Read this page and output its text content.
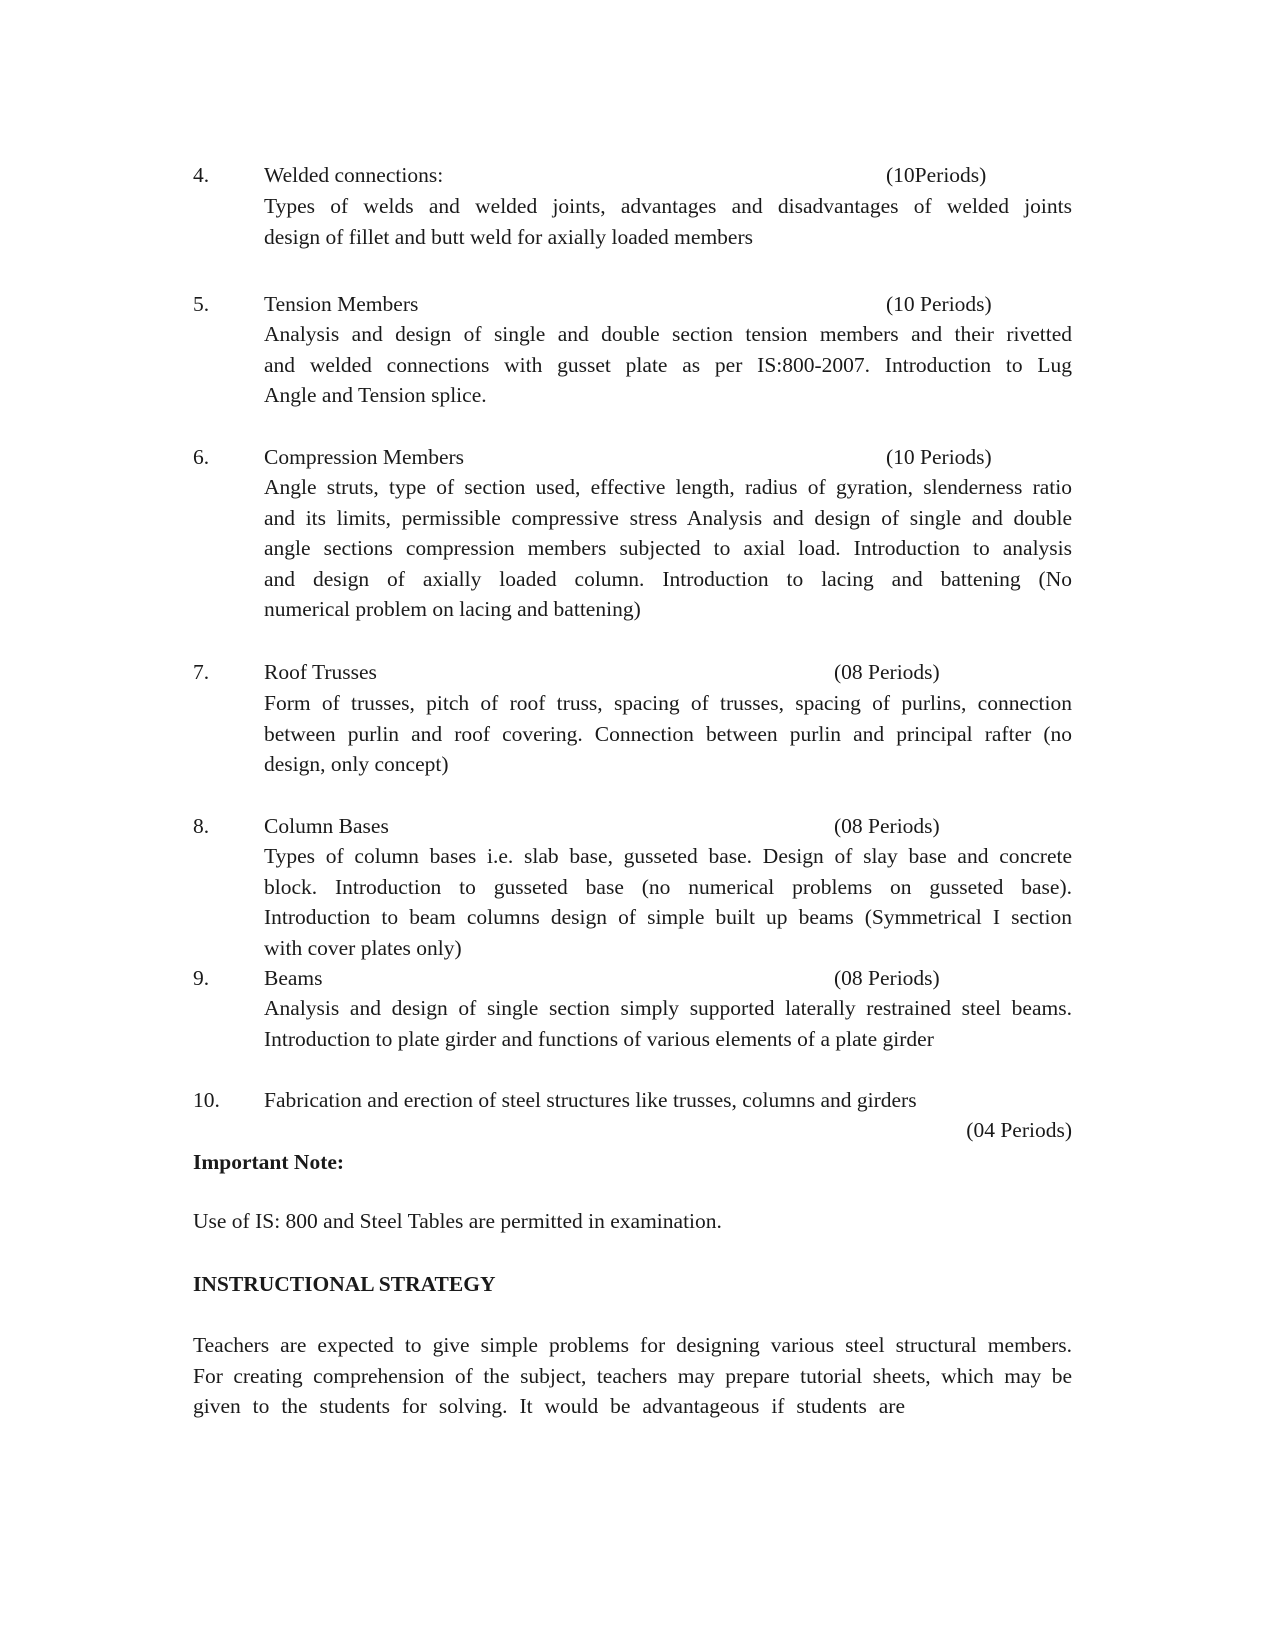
4.	Welded connections:	(10Periods)
Types of welds and welded joints, advantages and disadvantages of welded joints
design of fillet and butt weld for axially loaded members
5.	Tension Members	(10 Periods)
Analysis and design of single and double section tension members and their rivetted
and welded connections with gusset plate as per IS:800-2007. Introduction to Lug
Angle and Tension splice.
6.	Compression Members	(10 Periods)
Angle struts, type of section used, effective length, radius of gyration, slenderness ratio
and its limits, permissible compressive stress Analysis and design of single and double
angle sections compression members subjected to axial load. Introduction to analysis
and design of axially loaded column. Introduction to lacing and battening (No
numerical problem on lacing and battening)
7.	Roof Trusses	(08 Periods)
Form of trusses, pitch of roof truss, spacing of trusses, spacing of purlins, connection
between purlin and roof covering. Connection between purlin and principal rafter (no
design, only concept)
8.	Column Bases	(08 Periods)
Types of column bases i.e. slab base, gusseted base. Design of slay base and concrete
block. Introduction to gusseted base (no numerical problems on gusseted base).
Introduction to beam columns design of simple built up beams (Symmetrical I section
with cover plates only)
9.	Beams	(08 Periods)
Analysis and design of single section simply supported laterally restrained steel beams.
Introduction to plate girder and functions of various elements of a plate girder
10. Fabrication and erection of steel structures like trusses, columns and girders
(04 Periods)
Important Note:
Use of IS: 800 and Steel Tables are permitted in examination.
INSTRUCTIONAL STRATEGY
Teachers are expected to give simple problems for designing various steel structural members.
For creating comprehension of the subject, teachers may prepare tutorial sheets, which may be
given to the students for solving. It would be advantageous if students are
